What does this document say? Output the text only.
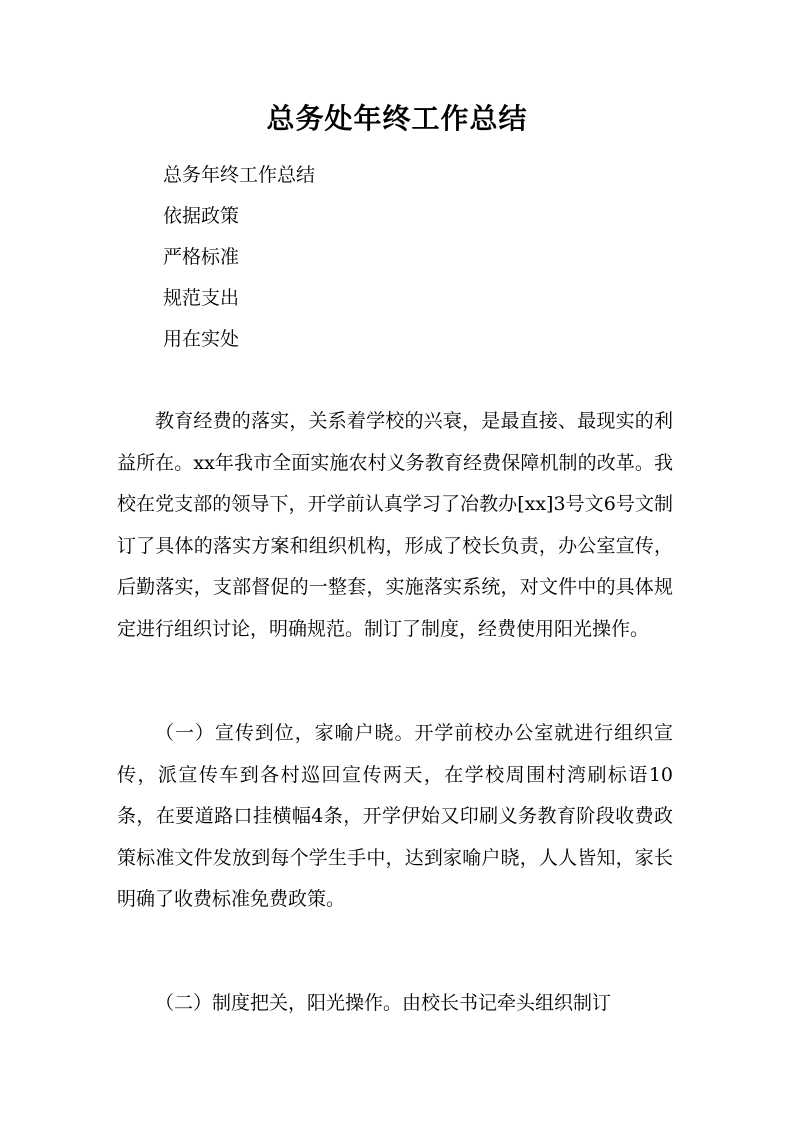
总务处年终工作总结
总务年终工作总结
依据政策
严格标准
规范支出
用在实处
教育经费的落实，关系着学校的兴衰，是最直接、最现实的利益所在。xx年我市全面实施农村义务教育经费保障机制的改革。我校在党支部的领导下，开学前认真学习了冶教办[xx]3号文6号文制订了具体的落实方案和组织机构，形成了校长负责，办公室宣传，后勤落实，支部督促的一整套，实施落实系统，对文件中的具体规定进行组织讨论，明确规范。制订了制度，经费使用阳光操作。
（一）宣传到位，家喻户晓。开学前校办公室就进行组织宣传，派宣传车到各村巡回宣传两天，在学校周围村湾刷标语10条，在要道路口挂横幅4条，开学伊始又印刷义务教育阶段收费政策标准文件发放到每个学生手中，达到家喻户晓，人人皆知，家长明确了收费标准免费政策。
（二）制度把关，阳光操作。由校长书记牵头组织制订
